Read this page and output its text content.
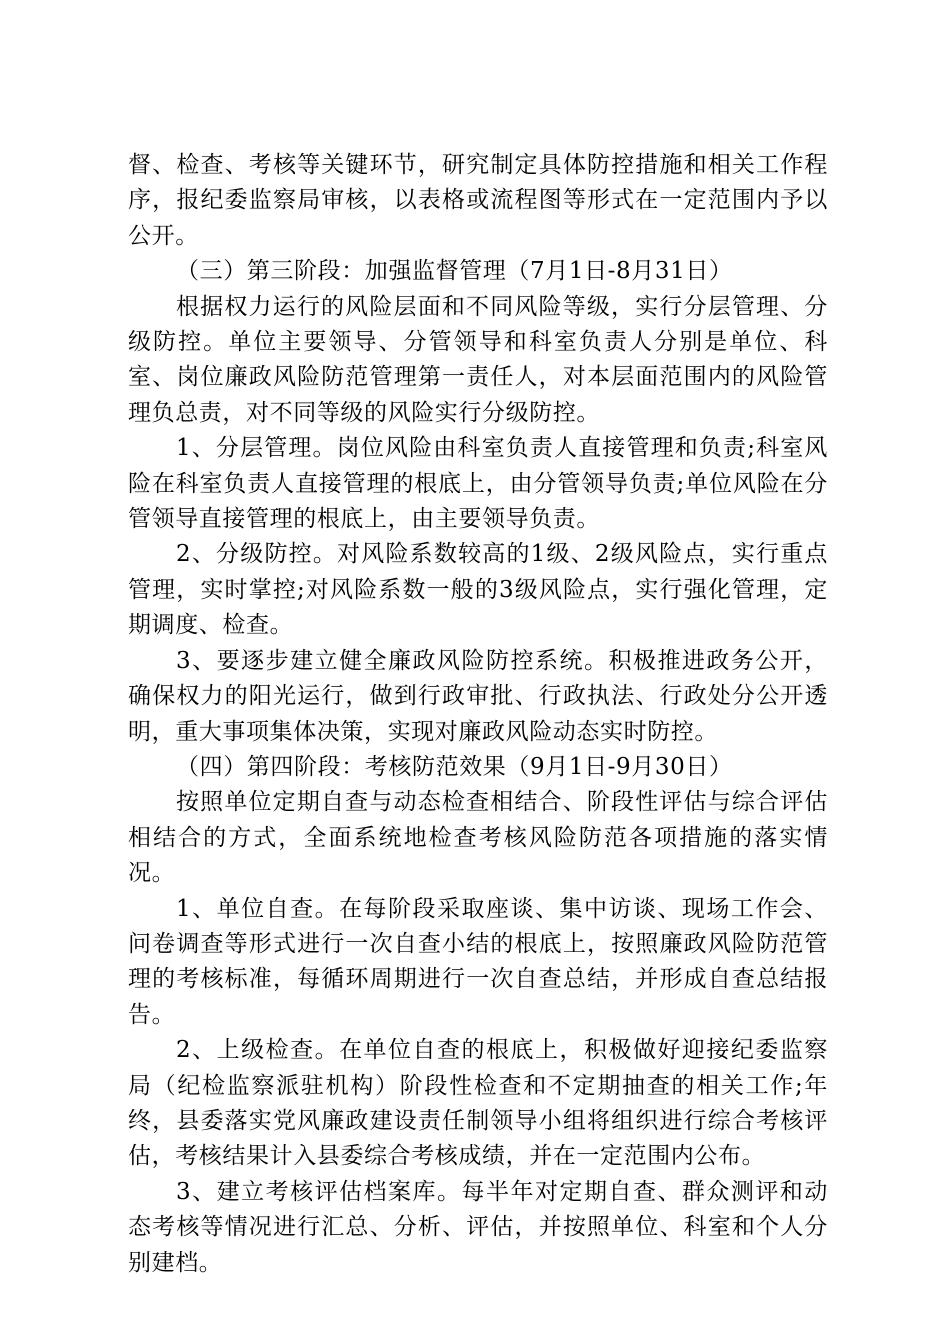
督、检查、考核等关键环节，研究制定具体防控措施和相关工作程序，报纪委监察局审核，以表格或流程图等形式在一定范围内予以公开。

（三）第三阶段：加强监督管理（7月1日-8月31日）

根据权力运行的风险层面和不同风险等级，实行分层管理、分级防控。单位主要领导、分管领导和科室负责人分别是单位、科室、岗位廉政风险防范管理第一责任人，对本层面范围内的风险管理负总责，对不同等级的风险实行分级防控。

1、分层管理。岗位风险由科室负责人直接管理和负责;科室风险在科室负责人直接管理的根底上，由分管领导负责;单位风险在分管领导直接管理的根底上，由主要领导负责。

2、分级防控。对风险系数较高的1级、2级风险点，实行重点管理，实时掌控;对风险系数一般的3级风险点，实行强化管理，定期调度、检查。

3、要逐步建立健全廉政风险防控系统。积极推进政务公开，确保权力的阳光运行，做到行政审批、行政执法、行政处分公开透明，重大事项集体决策，实现对廉政风险动态实时防控。

（四）第四阶段：考核防范效果（9月1日-9月30日）

按照单位定期自查与动态检查相结合、阶段性评估与综合评估相结合的方式，全面系统地检查考核风险防范各项措施的落实情况。

1、单位自查。在每阶段采取座谈、集中访谈、现场工作会、问卷调查等形式进行一次自查小结的根底上，按照廉政风险防范管理的考核标准，每循环周期进行一次自查总结，并形成自查总结报告。

2、上级检查。在单位自查的根底上，积极做好迎接纪委监察局（纪检监察派驻机构）阶段性检查和不定期抽查的相关工作;年终，县委落实党风廉政建设责任制领导小组将组织进行综合考核评估，考核结果计入县委综合考核成绩，并在一定范围内公布。

3、建立考核评估档案库。每半年对定期自查、群众测评和动态考核等情况进行汇总、分析、评估，并按照单位、科室和个人分别建档。
